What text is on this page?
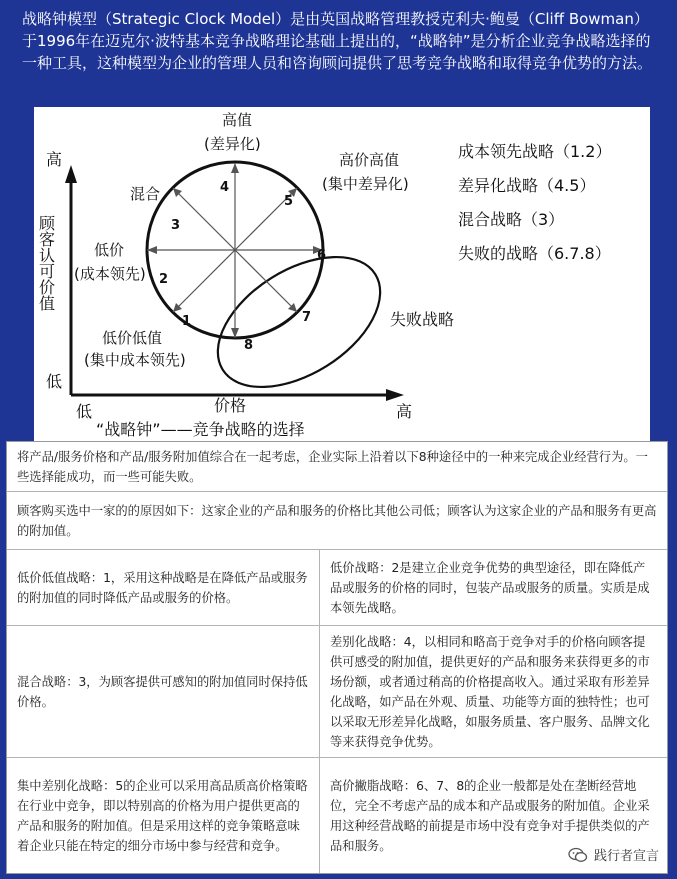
战略钟模型（Strategic Clock Model）是由英国战略管理教授克利夫·鲍曼（Cliff Bowman）于1996年在迈克尔·波特基本竞争战略理论基础上提出的，“战略钟”是分析企业竞争战略选择的一种工具，这种模型为企业的管理人员和咨询顾问提供了思考竞争战略和取得竞争优势的方法。
1
2
3
4
5
6
7
8
高
低
顾客认可价值
低	价格	高
“战略钟”——竞争战略的选择
高值
(差异化)
高价高值
(集中差异化)
混合
低价
(成本领先)
低价低值
(集中成本领先)
失败战略
成本领先战略（1.2）
差异化战略（4.5）
混合战略（3）
失败的战略（6.7.8）
将产品/服务价格和产品/服务附加值综合在一起考虑，企业实际上沿着以下8种途径中的一种来完成企业经营行为。一些选择能成功，而一些可能失败。
顾客购买选中一家的的原因如下：这家企业的产品和服务的价格比其他公司低；顾客认为这家企业的产品和服务有更高的附加值。
低价低值战略：1，采用这种战略是在降低产品或服务的附加值的同时降低产品或服务的价格。
低价战略：2是建立企业竞争优势的典型途径，即在降低产品或服务的价格的同时，包装产品或服务的质量。实质是成本领先战略。
混合战略：3，为顾客提供可感知的附加值同时保持低价格。
差别化战略：4，以相同和略高于竞争对手的价格向顾客提供可感受的附加值，提供更好的产品和服务来获得更多的市场份额，或者通过稍高的价格提高收入。通过采取有形差异化战略，如产品在外观、质量、功能等方面的独特性；也可以采取无形差异化战略，如服务质量、客户服务、品牌文化等来获得竞争优势。
集中差别化战略：5的企业可以采用高品质高价格策略在行业中竞争，即以特别高的价格为用户提供更高的产品和服务的附加值。但是采用这样的竞争策略意味着企业只能在特定的细分市场中参与经营和竞争。
高价撇脂战略：6、7、8的企业一般都是处在垄断经营地位，完全不考虑产品的成本和产品或服务的附加值。企业采用这种经营战略的前提是市场中没有竞争对手提供类似的产品和服务。
践行者宣言
